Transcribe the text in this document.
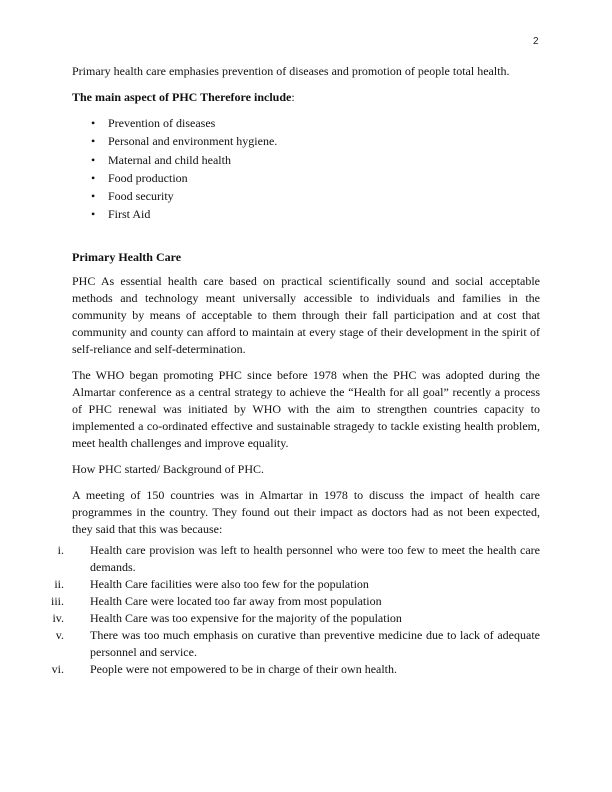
2

Primary health care emphasies prevention of diseases and promotion of people total health.

The main aspect of PHC Therefore include:

• Prevention of diseases
• Personal and environment hygiene.
• Maternal and child health
• Food production
• Food security
• First Aid

Primary Health Care

PHC As essential health care based on practical scientifically sound and social acceptable methods and technology meant universally accessible to individuals and families in the community by means of acceptable to them through their fall participation and at cost that community and county can afford to maintain at every stage of their development in the spirit of self-reliance and self-determination.

The WHO began promoting PHC since before 1978 when the PHC was adopted during the Almartar conference as a central strategy to achieve the “Health for all goal” recently a process of PHC renewal was initiated by WHO with the aim to strengthen countries capacity to implemented a co-ordinated effective and sustainable stragedy to tackle existing health problem, meet health challenges and improve equality.

How PHC started/ Background of PHC.

A meeting of 150 countries was in Almartar in 1978 to discuss the impact of health care programmes in the country. They found out their impact as doctors had as not been expected, they said that this was because:

i. Health care provision was left to health personnel who were too few to meet the health care demands.
ii. Health Care facilities were also too few for the population
iii. Health Care were located too far away from most population
iv. Health Care was too expensive for the majority of the population
v. There was too much emphasis on curative than preventive medicine due to lack of adequate personnel and service.
vi. People were not empowered to be in charge of their own health.
